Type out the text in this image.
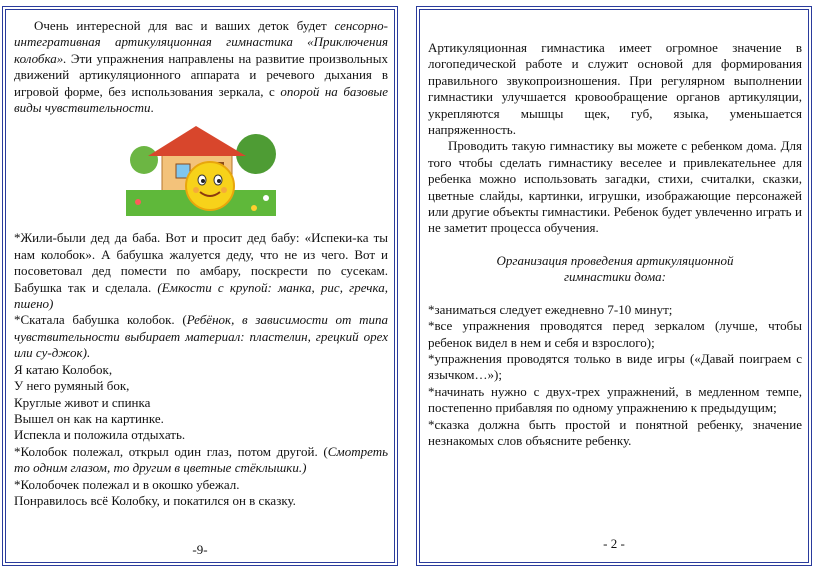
Очень интересной для вас и ваших деток будет сенсорно-интегративная артикуляционная гимнастика «Приключения колобка». Эти упражнения направлены на развитие произвольных движений артикуляционного аппарата и речевого дыхания в игровой форме, без использования зеркала, с опорой на базовые виды чувствительности.

*Жили-были дед да баба. Вот и просит дед бабу: «Испеки-ка ты нам колобок». А бабушка жалуется деду, что не из чего. Вот и посоветовал дед помести по амбару, поскрести по сусекам. Бабушка так и сделала. (Емкости с крупой: манка, рис, гречка, пшено)

*Скатала бабушка колобок. (Ребёнок, в зависимости от типа чувствительности выбирает материал: пластелин, грецкий орех или су-джок).

Я катаю Колобок,

У него румяный бок,

Круглые живот и спинка

Вышел он как на картинке.

Испекла и положила отдыхать.

*Колобок полежал, открыл один глаз, потом другой. (Смотреть то одним глазом, то другим в цветные стёклышки.)

*Колобочек полежал и в окошко убежал.

Понравилось всё Колобку, и покатился он в сказку.

-9-

Артикуляционная гимнастика имеет огромное значение в логопедической работе и служит основой для формирования правильного звукопроизношения. При регулярном выполнении гимнастики улучшается кровообращение органов артикуляции, укрепляются мышцы щек, губ, языка, уменьшается напряженность.

Проводить такую гимнастику вы можете с ребенком дома. Для того чтобы сделать гимнастику веселее и привлекательнее для ребенка можно использовать загадки, стихи, считалки, сказки, цветные слайды, картинки, игрушки, изображающие персонажей или другие объекты гимнастики. Ребенок будет увлеченно играть и не заметит процесса обучения.

Организация проведения артикуляционной

гимнастики дома:

*заниматься следует ежедневно 7-10 минут;

*все упражнения проводятся перед зеркалом (лучше, чтобы ребенок видел в нем и себя и взрослого);

*упражнения проводятся только в виде игры («Давай поиграем с язычком…»);

*начинать нужно с двух-трех упражнений, в медленном темпе, постепенно прибавляя по одному упражнению к предыдущим;

*сказка должна быть простой и понятной ребенку, значение незнакомых слов объясните ребенку.

- 2 -
